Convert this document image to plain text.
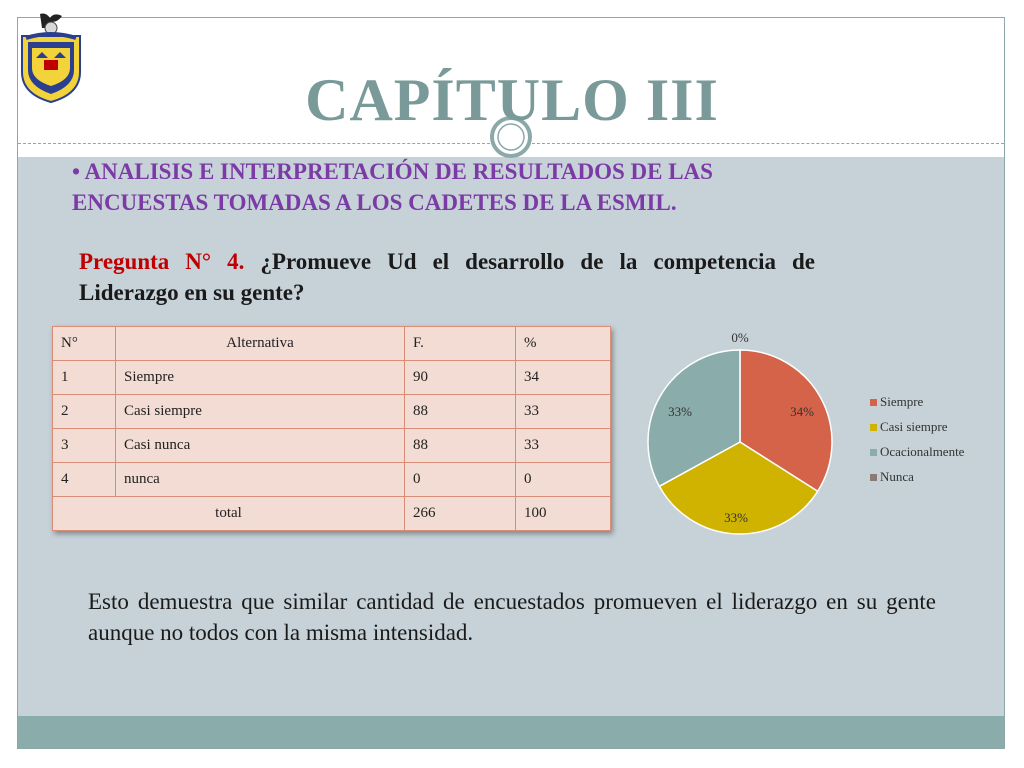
CAPÍTULO III
• ANALISIS E INTERPRETACIÓN DE RESULTADOS DE LAS ENCUESTAS TOMADAS A LOS CADETES DE LA ESMIL.
Pregunta N° 4. ¿Promueve Ud el desarrollo de la competencia de Liderazgo en su gente?
N°	Alternativa	F.	%
1	Siempre	90	34
2	Casi siempre	88	33
3	Casi nunca	88	33
4	nunca	0	0
total		266	100
34%
33%
33%
0%
Siempre
Casi siempre
Ocacionalmente
Nunca
Esto demuestra que similar cantidad de encuestados promueven el liderazgo en su gente aunque no todos con la misma intensidad.
